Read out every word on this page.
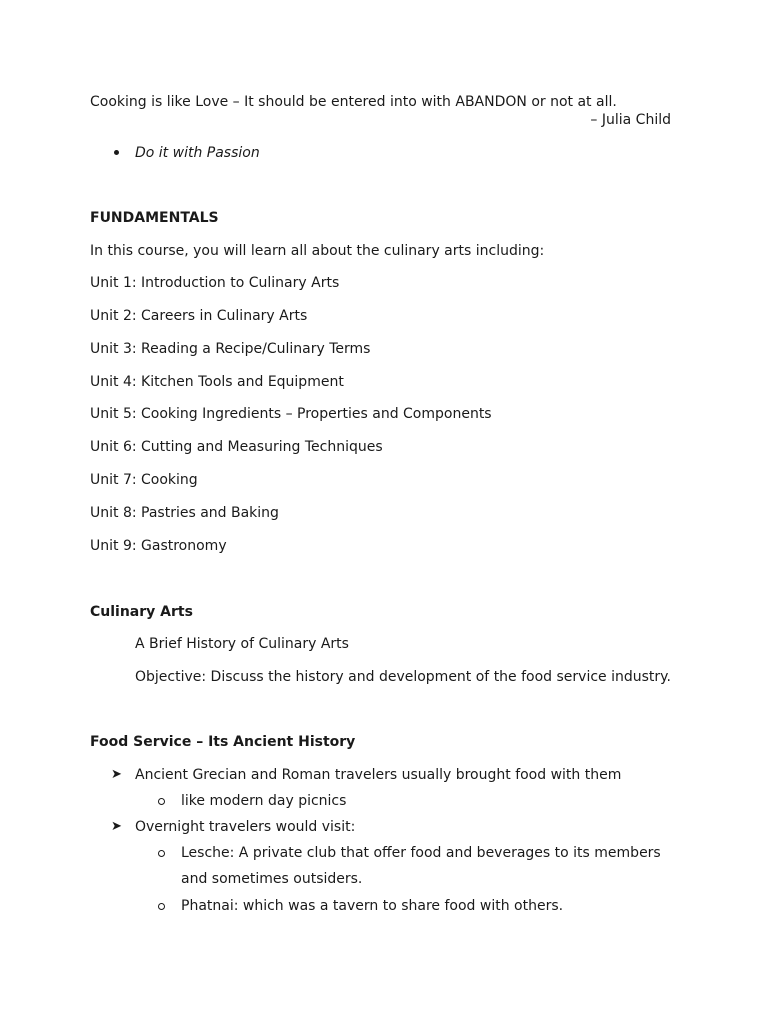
Cooking is like Love – It should be entered into with ABANDON or not at all.
– Julia Child
Do it with Passion
FUNDAMENTALS
In this course, you will learn all about the culinary arts including:
Unit 1: Introduction to Culinary Arts
Unit 2: Careers in Culinary Arts
Unit 3: Reading a Recipe/Culinary Terms
Unit 4: Kitchen Tools and Equipment
Unit 5: Cooking Ingredients – Properties and Components
Unit 6: Cutting and Measuring Techniques
Unit 7: Cooking
Unit 8: Pastries and Baking
Unit 9: Gastronomy
Culinary Arts
A Brief History of Culinary Arts
Objective: Discuss the history and development of the food service industry.
Food Service – Its Ancient History
➤ Ancient Grecian and Roman travelers usually brought food with them
like modern day picnics
➤ Overnight travelers would visit:
Lesche: A private club that offer food and beverages to its members
and sometimes outsiders.
Phatnai: which was a tavern to share food with others.
